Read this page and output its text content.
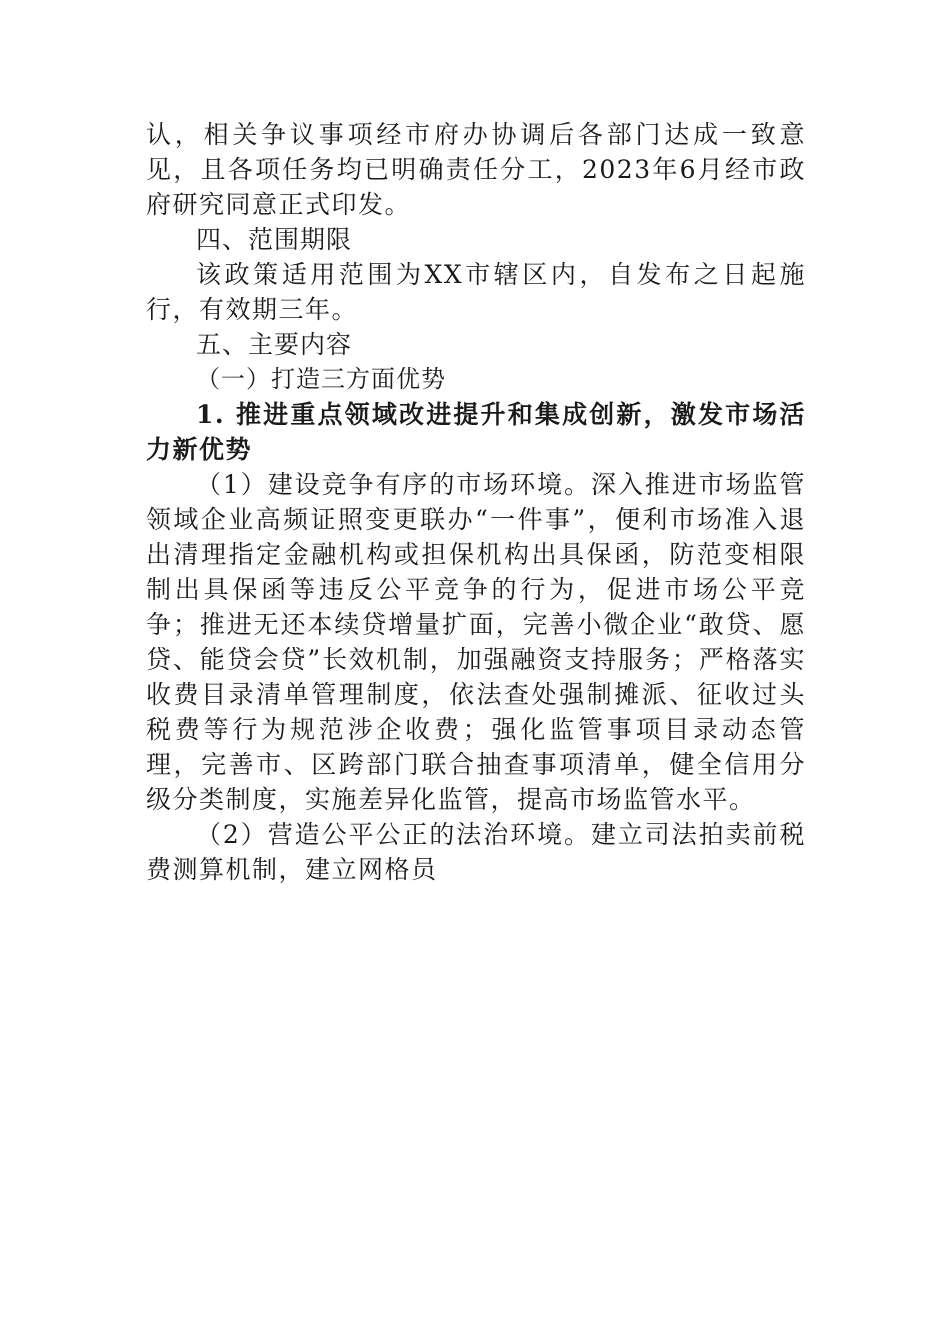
认，相关争议事项经市府办协调后各部门达成一致意见，且各项任务均已明确责任分工，2023年6月经市政府研究同意正式印发。

四、范围期限

该政策适用范围为XX市辖区内，自发布之日起施行，有效期三年。

五、主要内容

（一）打造三方面优势

1. 推进重点领域改进提升和集成创新，激发市场活力新优势

（1）建设竞争有序的市场环境。深入推进市场监管领域企业高频证照变更联办“一件事”，便利市场准入退出清理指定金融机构或担保机构出具保函，防范变相限制出具保函等违反公平竞争的行为，促进市场公平竞争；推进无还本续贷增量扩面，完善小微企业“敢贷、愿贷、能贷会贷”长效机制，加强融资支持服务；严格落实收费目录清单管理制度，依法查处强制摊派、征收过头税费等行为规范涉企收费；强化监管事项目录动态管理，完善市、区跨部门联合抽查事项清单，健全信用分级分类制度，实施差异化监管，提高市场监管水平。

（2）营造公平公正的法治环境。建立司法拍卖前税费测算机制，建立网格员
